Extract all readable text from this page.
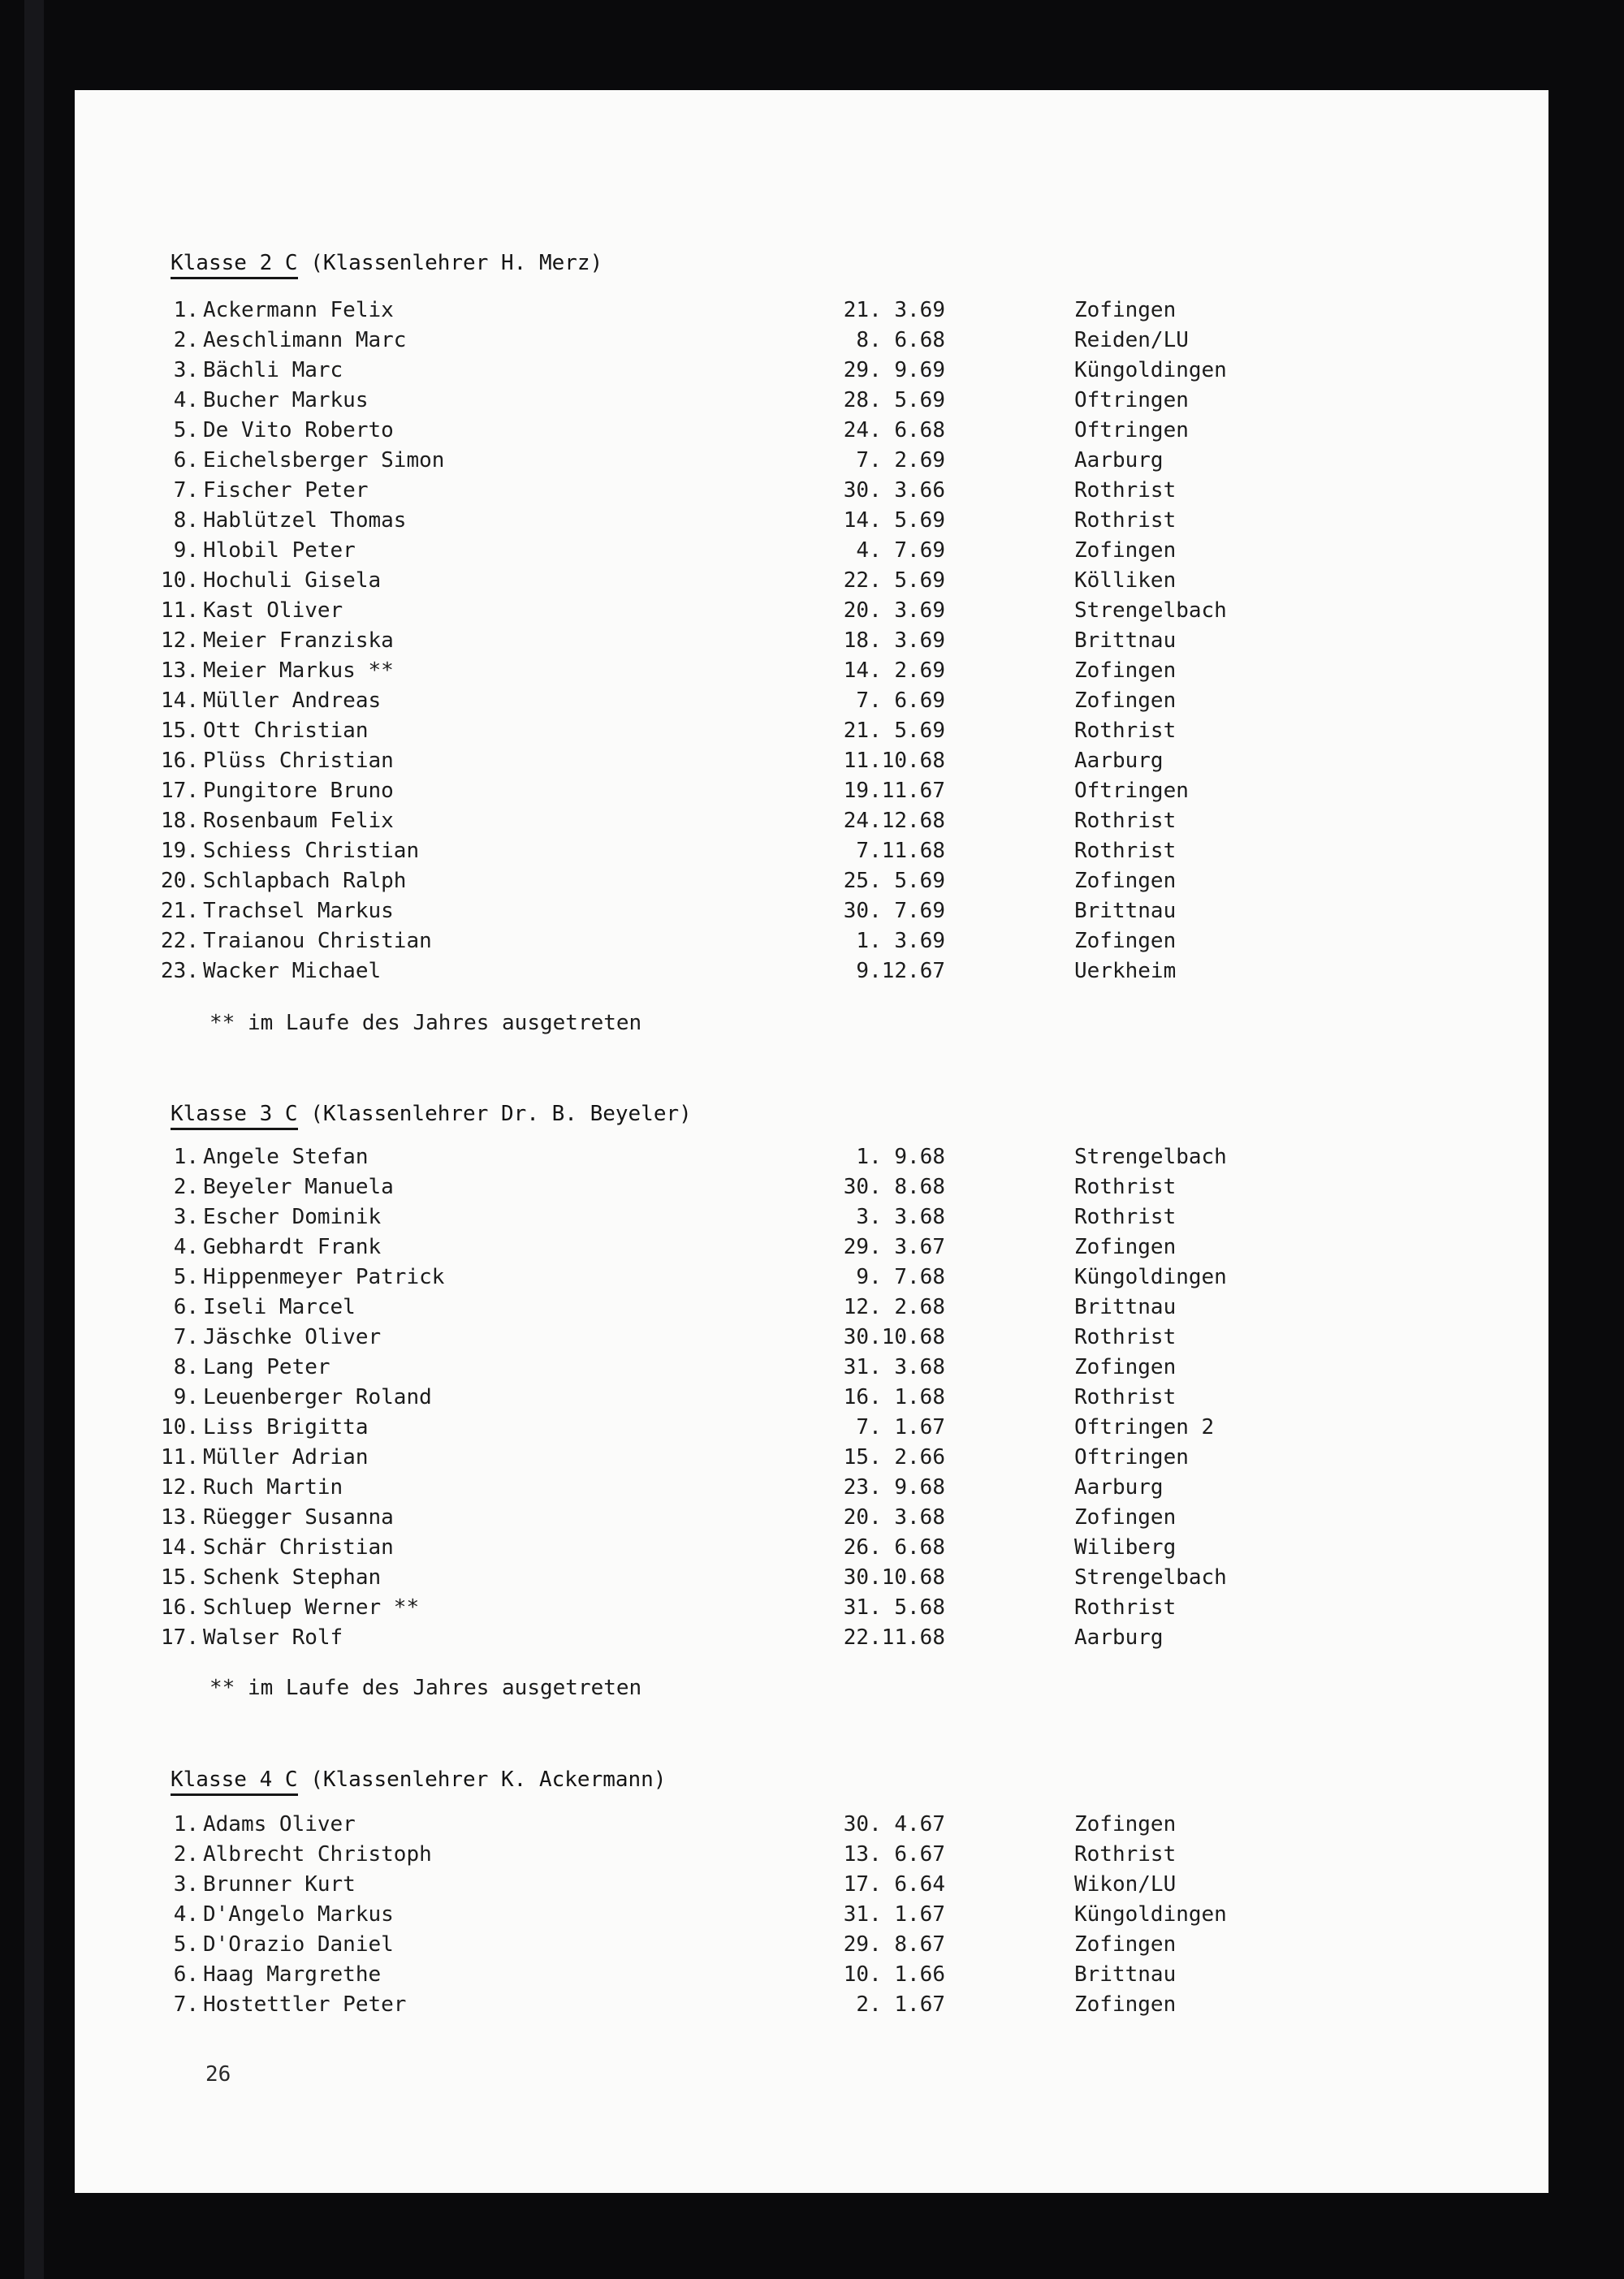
Klasse 2 C (Klassenlehrer H. Merz)
1. Ackermann Felix	21. 3.69	Zofingen
2. Aeschlimann Marc	8. 6.68	Reiden/LU
3. Bächli Marc	29. 9.69	Küngoldingen
4. Bucher Markus	28. 5.69	Oftringen
5. De Vito Roberto	24. 6.68	Oftringen
6. Eichelsberger Simon	7. 2.69	Aarburg
7. Fischer Peter	30. 3.66	Rothrist
8. Hablützel Thomas	14. 5.69	Rothrist
9. Hlobil Peter	4. 7.69	Zofingen
10. Hochuli Gisela	22. 5.69	Kölliken
11. Kast Oliver	20. 3.69	Strengelbach
12. Meier Franziska	18. 3.69	Brittnau
13. Meier Markus **	14. 2.69	Zofingen
14. Müller Andreas	7. 6.69	Zofingen
15. Ott Christian	21. 5.69	Rothrist
16. Plüss Christian	11.10.68	Aarburg
17. Pungitore Bruno	19.11.67	Oftringen
18. Rosenbaum Felix	24.12.68	Rothrist
19. Schiess Christian	7.11.68	Rothrist
20. Schlapbach Ralph	25. 5.69	Zofingen
21. Trachsel Markus	30. 7.69	Brittnau
22. Traianou Christian	1. 3.69	Zofingen
23. Wacker Michael	9.12.67	Uerkheim
** im Laufe des Jahres ausgetreten
Klasse 3 C (Klassenlehrer Dr. B. Beyeler)
1. Angele Stefan	1. 9.68	Strengelbach
2. Beyeler Manuela	30. 8.68	Rothrist
3. Escher Dominik	3. 3.68	Rothrist
4. Gebhardt Frank	29. 3.67	Zofingen
5. Hippenmeyer Patrick	9. 7.68	Küngoldingen
6. Iseli Marcel	12. 2.68	Brittnau
7. Jäschke Oliver	30.10.68	Rothrist
8. Lang Peter	31. 3.68	Zofingen
9. Leuenberger Roland	16. 1.68	Rothrist
10. Liss Brigitta	7. 1.67	Oftringen 2
11. Müller Adrian	15. 2.66	Oftringen
12. Ruch Martin	23. 9.68	Aarburg
13. Rüegger Susanna	20. 3.68	Zofingen
14. Schär Christian	26. 6.68	Wiliberg
15. Schenk Stephan	30.10.68	Strengelbach
16. Schluep Werner **	31. 5.68	Rothrist
17. Walser Rolf	22.11.68	Aarburg
** im Laufe des Jahres ausgetreten
Klasse 4 C (Klassenlehrer K. Ackermann)
1. Adams Oliver	30. 4.67	Zofingen
2. Albrecht Christoph	13. 6.67	Rothrist
3. Brunner Kurt	17. 6.64	Wikon/LU
4. D'Angelo Markus	31. 1.67	Küngoldingen
5. D'Orazio Daniel	29. 8.67	Zofingen
6. Haag Margrethe	10. 1.66	Brittnau
7. Hostettler Peter	2. 1.67	Zofingen
26
